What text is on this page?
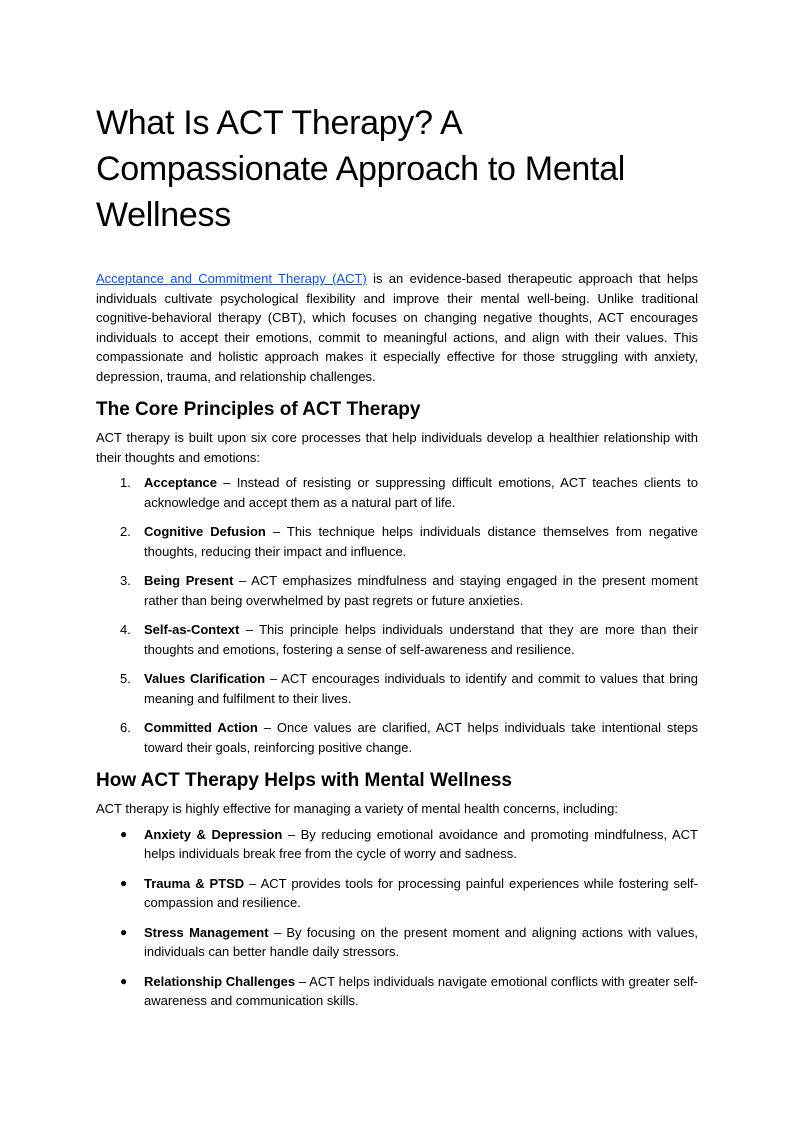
What Is ACT Therapy? A Compassionate Approach to Mental Wellness

Acceptance and Commitment Therapy (ACT) is an evidence-based therapeutic approach that helps individuals cultivate psychological flexibility and improve their mental well-being. Unlike traditional cognitive-behavioral therapy (CBT), which focuses on changing negative thoughts, ACT encourages individuals to accept their emotions, commit to meaningful actions, and align with their values. This compassionate and holistic approach makes it especially effective for those struggling with anxiety, depression, trauma, and relationship challenges.

The Core Principles of ACT Therapy

ACT therapy is built upon six core processes that help individuals develop a healthier relationship with their thoughts and emotions:

1.	Acceptance – Instead of resisting or suppressing difficult emotions, ACT teaches clients to acknowledge and accept them as a natural part of life.
2.	Cognitive Defusion – This technique helps individuals distance themselves from negative thoughts, reducing their impact and influence.
3.	Being Present – ACT emphasizes mindfulness and staying engaged in the present moment rather than being overwhelmed by past regrets or future anxieties.
4.	Self-as-Context – This principle helps individuals understand that they are more than their thoughts and emotions, fostering a sense of self-awareness and resilience.
5.	Values Clarification – ACT encourages individuals to identify and commit to values that bring meaning and fulfilment to their lives.
6.	Committed Action – Once values are clarified, ACT helps individuals take intentional steps toward their goals, reinforcing positive change.
How ACT Therapy Helps with Mental Wellness

ACT therapy is highly effective for managing a variety of mental health concerns, including:

● Anxiety & Depression – By reducing emotional avoidance and promoting mindfulness, ACT helps individuals break free from the cycle of worry and sadness.
● Trauma & PTSD – ACT provides tools for processing painful experiences while fostering self-compassion and resilience.
● Stress Management – By focusing on the present moment and aligning actions with values, individuals can better handle daily stressors.
● Relationship Challenges – ACT helps individuals navigate emotional conflicts with greater self-awareness and communication skills.
